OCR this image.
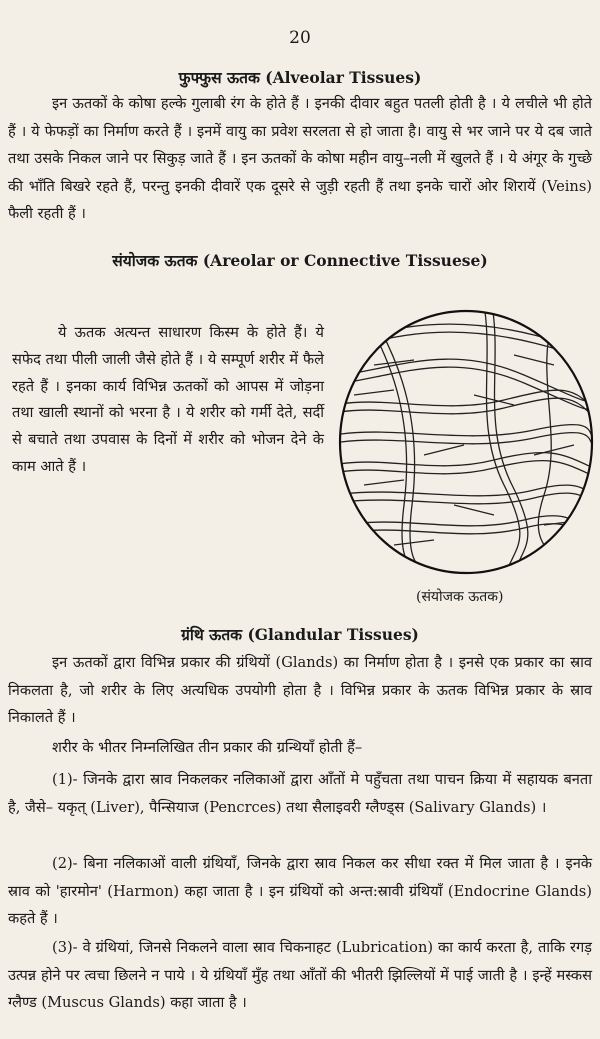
20
फुफ्फुस ऊतक (Alveolar Tissues)

इन ऊतकों के कोषा हल्के गुलाबी रंग के होते हैं । इनकी दीवार बहुत पतली होती है । ये लचीले भी होते हैं । ये फेफड़ों का निर्माण करते हैं । इनमें वायु का प्रवेश सरलता से हो जाता है। वायु से भर जाने पर ये दब जाते तथा उसके निकल जाने पर सिकुड़ जाते हैं । इन ऊतकों के कोषा महीन वायु–नली में खुलते हैं । ये अंगूर के गुच्छे की भाँति बिखरे रहते हैं, परन्तु इनकी दीवारें एक दूसरे से जुड़ी रहती हैं तथा इनके चारों ओर शिरायें (Veins) फैली रहती हैं ।

संयोजक ऊतक (Areolar or Connective Tissuese)

ये ऊतक अत्यन्त साधारण किस्म के होते हैं। ये सफेद तथा पीली जाली जैसे होते हैं । ये सम्पूर्ण शरीर में फैले रहते हैं । इनका कार्य विभिन्न ऊतकों को आपस में जोड़ना तथा खाली स्थानों को भरना है । ये शरीर को गर्मी देते, सर्दी से बचाते तथा उपवास के दिनों में शरीर को भोजन देने के काम आते हैं ।

(संयोजक ऊतक)
ग्रंथि ऊतक (Glandular Tissues)

इन ऊतकों द्वारा विभिन्न प्रकार की ग्रंथियों (Glands) का निर्माण होता है । इनसे एक प्रकार का स्राव निकलता है, जो शरीर के लिए अत्यधिक उपयोगी होता है । विभिन्न प्रकार के ऊतक विभिन्न प्रकार के स्राव निकालते हैं ।

शरीर के भीतर निम्नलिखित तीन प्रकार की ग्रन्थियाँ होती हैं–

(1)- जिनके द्वारा स्राव निकलकर नलिकाओं द्वारा आँतों मे पहुँचता तथा पाचन क्रिया में सहायक बनता है, जैसे– यकृत् (Liver), पैन्सियाज (Pencrces) तथा सैलाइवरी ग्लैण्ड्स (Salivary Glands) ।

(2)- बिना नलिकाओं वाली ग्रंथियाँ, जिनके द्वारा स्राव निकल कर सीधा रक्त में मिल जाता है । इनके स्राव को 'हारमोन' (Harmon) कहा जाता है । इन ग्रंथियों को अन्त:स्रावी ग्रंथियाँ (Endocrine Glands) कहते हैं ।

(3)- वे ग्रंथियां, जिनसे निकलने वाला स्राव चिकनाहट (Lubrication) का कार्य करता है, ताकि रगड़ उत्पन्न होने पर त्वचा छिलने न पाये । ये ग्रंथियाँ मुँह तथा आँतों की भीतरी झिल्लियों में पाई जाती है । इन्हें मस्कस ग्लैण्ड (Muscus Glands) कहा जाता है ।
